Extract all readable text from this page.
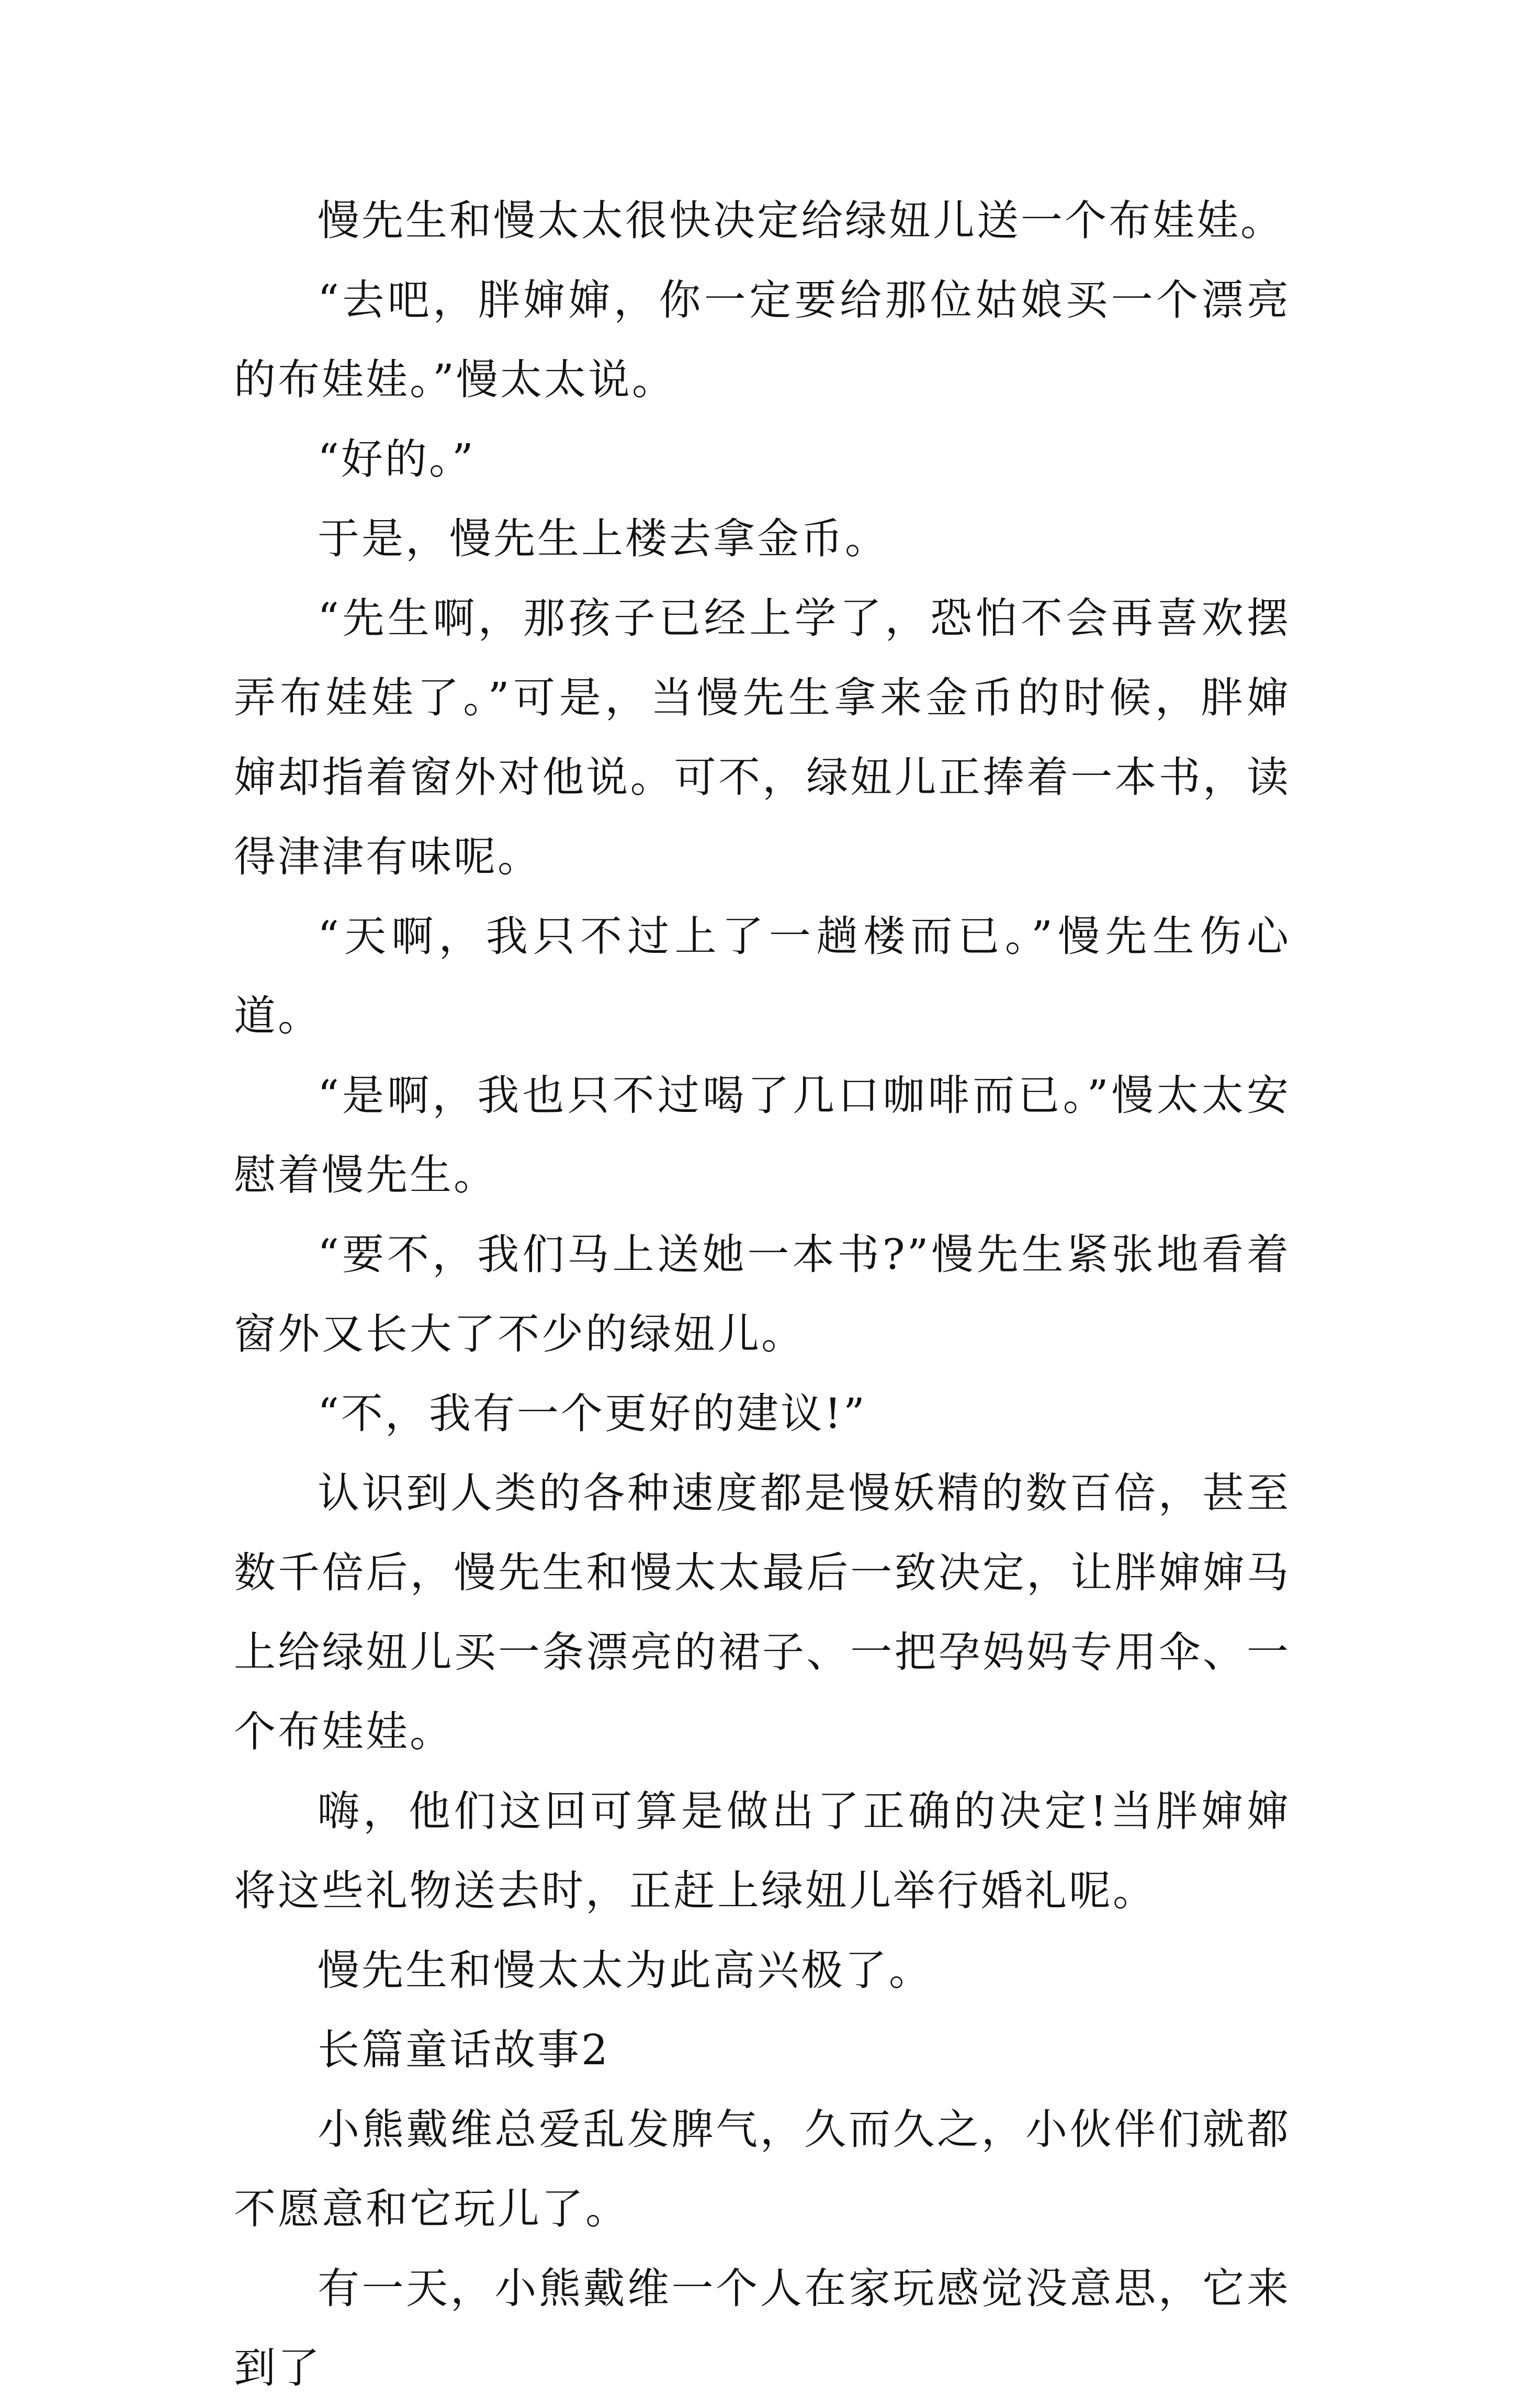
慢先生和慢太太很快决定给绿妞儿送一个布娃娃。

“去吧，胖婶婶，你一定要给那位姑娘买一个漂亮的布娃娃。”慢太太说。

“好的。”

于是，慢先生上楼去拿金币。

“先生啊，那孩子已经上学了，恐怕不会再喜欢摆弄布娃娃了。”可是，当慢先生拿来金币的时候，胖婶婶却指着窗外对他说。可不，绿妞儿正捧着一本书，读得津津有味呢。

“天啊，我只不过上了一趟楼而已。”慢先生伤心道。

“是啊，我也只不过喝了几口咖啡而已。”慢太太安慰着慢先生。

“要不，我们马上送她一本书?”慢先生紧张地看着窗外又长大了不少的绿妞儿。

“不，我有一个更好的建议!”

认识到人类的各种速度都是慢妖精的数百倍，甚至数千倍后，慢先生和慢太太最后一致决定，让胖婶婶马上给绿妞儿买一条漂亮的裙子、一把孕妈妈专用伞、一个布娃娃。

嗨，他们这回可算是做出了正确的决定!当胖婶婶将这些礼物送去时，正赶上绿妞儿举行婚礼呢。

慢先生和慢太太为此高兴极了。

长篇童话故事2

小熊戴维总爱乱发脾气，久而久之，小伙伴们就都不愿意和它玩儿了。

有一天，小熊戴维一个人在家玩感觉没意思，它来到了
